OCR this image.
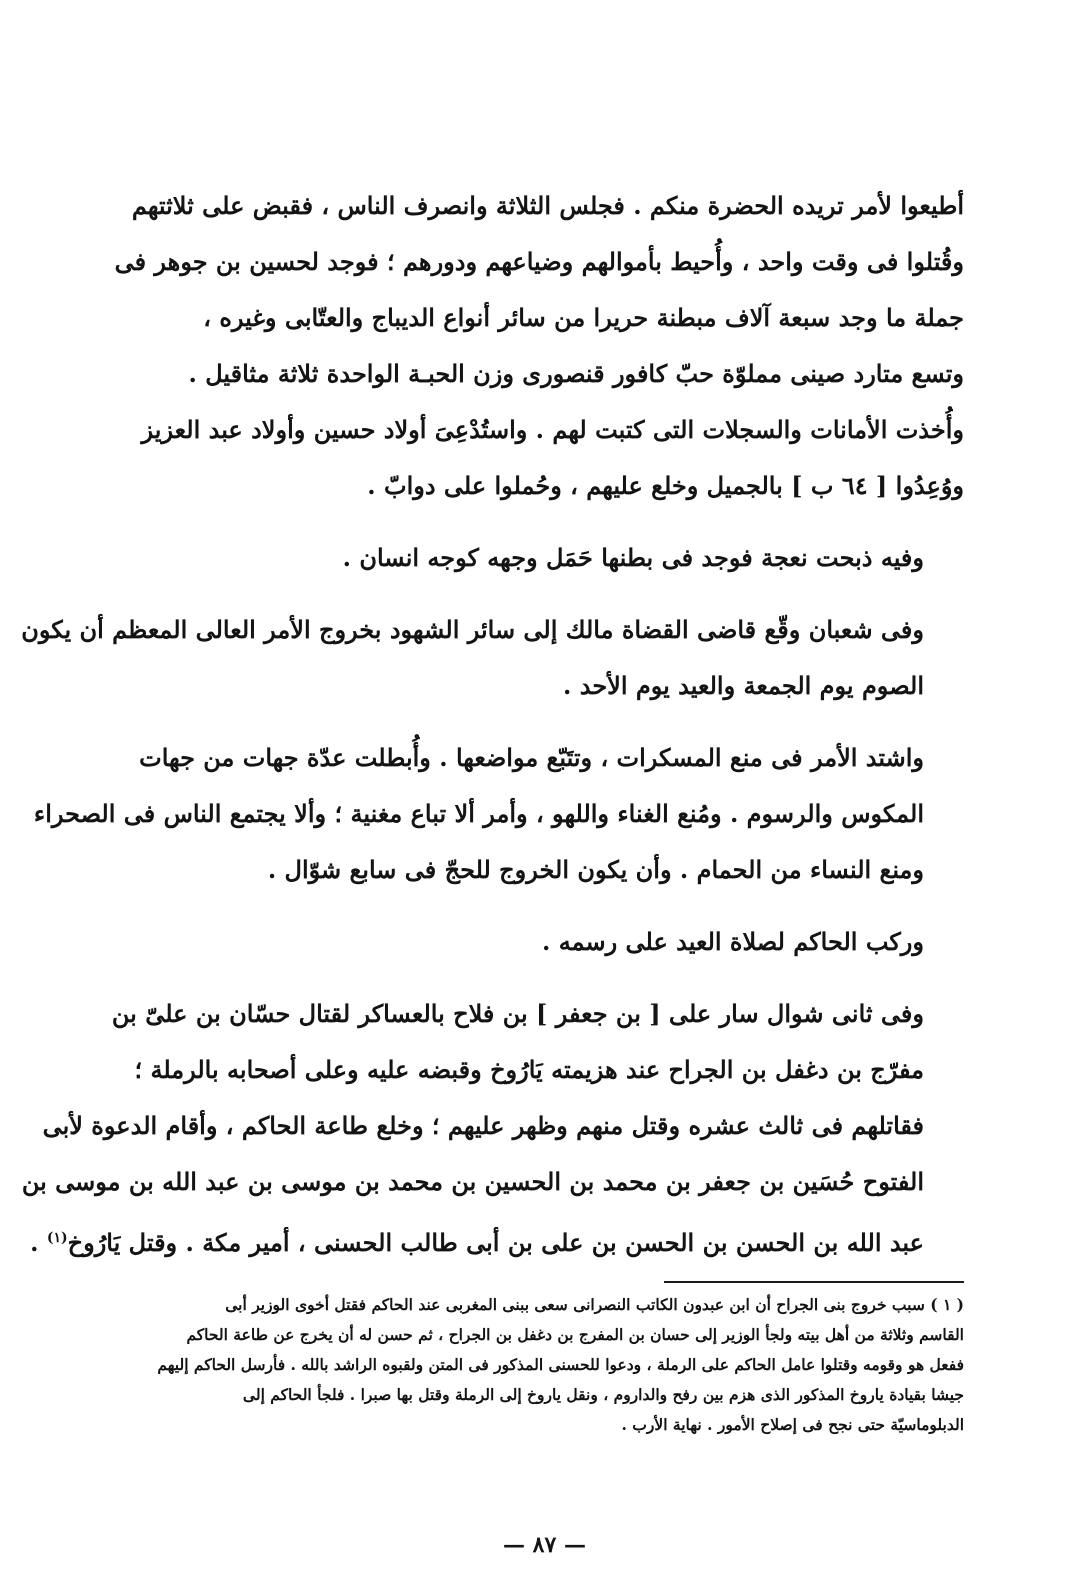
أطيعوا لأمر تريده الحضرة منكم . فجلس الثلاثة وانصرف الناس ، فقبض على ثلاثتهم
وقُتلوا فى وقت واحد ، وأُحيط بأموالهم وضياعهم ودورهم ؛ فوجد لحسين بن جوهر فى
جملة ما وجد سبعة آلاف مبطنة حريرا من سائر أنواع الديباج والعتّابى وغيره ،
وتسع متارد صينى مملوّة حبّ كافور قنصورى وزن الحبـة الواحدة ثلاثة مثاقيل .
وأُخذت الأمانات والسجلات التى كتبت لهم . واستُدْعِىَ أولاد حسين وأولاد عبد العزيز
ووُعِدُوا [ ٦٤ ب ] بالجميل وخلع عليهم ، وحُملوا على دوابّ .

وفيه ذبحت نعجة فوجد فى بطنها حَمَل وجهه كوجه انسان .

وفى شعبان وقّع قاضى القضاة مالك إلى سائر الشهود بخروج الأمر العالى المعظم أن يكون
الصوم يوم الجمعة والعيد يوم الأحد .

واشتد الأمر فى منع المسكرات ، وتتَبّع مواضعها . وأُبطلت عدّة جهات من جهات
المكوس والرسوم . ومُنع الغناء واللهو ، وأمر ألا تباع مغنية ؛ وألا يجتمع الناس فى الصحراء
ومنع النساء من الحمام . وأن يكون الخروج للحجّ فى سابع شوّال .

وركب الحاكم لصلاة العيد على رسمه .

وفى ثانى شوال سار على [ بن جعفر ] بن فلاح بالعساكر لقتال حسّان بن علىّ بن
مفرّج بن دغفل بن الجراح عند هزيمته يَارُوخ وقبضه عليه وعلى أصحابه بالرملة ؛
فقاتلهم فى ثالث عشره وقتل منهم وظهر عليهم ؛ وخلع طاعة الحاكم ، وأقام الدعوة لأبى
الفتوح حُسَين بن جعفر بن محمد بن الحسين بن محمد بن موسى بن عبد الله بن موسى بن
عبد الله بن الحسن بن الحسن بن على بن أبى طالب الحسنى ، أمير مكة . وقتل يَارُوخ$^{(١)}$ .

( ١ ) سبب خروج بنى الجراح أن ابن عبدون الكاتب النصرانى سعى ببنى المغربى عند الحاكم فقتل أخوى الوزير أبى
القاسم وثلاثة من أهل بيته ولجأ الوزير إلى حسان بن المفرج بن دغفل بن الجراح ، ثم حسن له أن يخرج عن طاعة الحاكم
ففعل هو وقومه وقتلوا عامل الحاكم على الرملة ، ودعوا للحسنى المذكور فى المتن ولقبوه الراشد بالله . فأرسل الحاكم إليهم
جيشا بقيادة ياروخ المذكور الذى هزم بين رفح والداروم ، ونقل ياروخ إلى الرملة وقتل بها صبرا . فلجأ الحاكم إلى
الدبلوماسيّة حتى نجح فى إصلاح الأمور . نهاية الأرب .
— ٨٧ —
